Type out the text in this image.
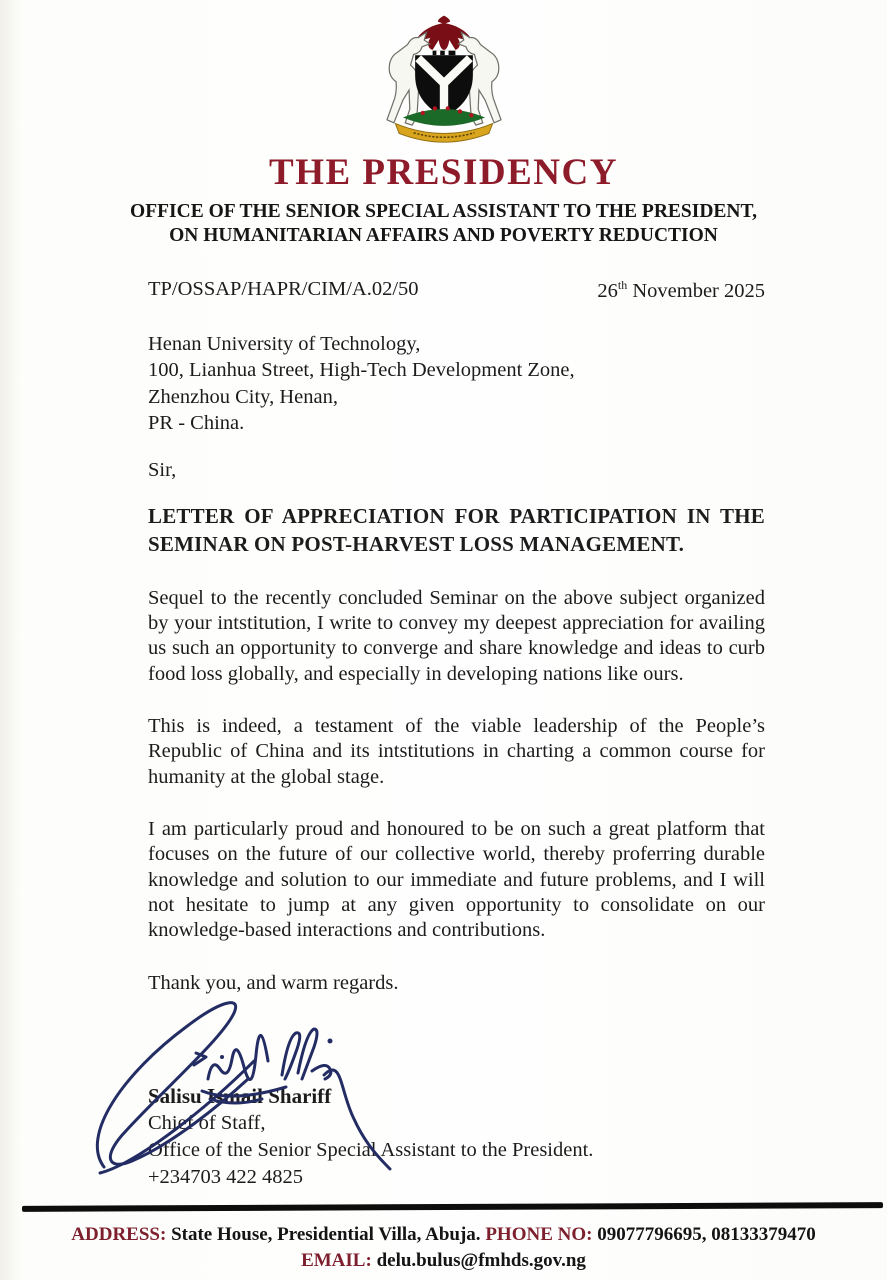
THE PRESIDENCY
OFFICE OF THE SENIOR SPECIAL ASSISTANT TO THE PRESIDENT,
ON HUMANITARIAN AFFAIRS AND POVERTY REDUCTION
TP/OSSAP/HAPR/CIM/A.02/50	26th November 2025
Henan University of Technology,
100, Lianhua Street, High-Tech Development Zone,
Zhenzhou City, Henan,
PR - China.
Sir,
LETTER OF APPRECIATION FOR PARTICIPATION IN THE SEMINAR ON POST-HARVEST LOSS MANAGEMENT.

Sequel to the recently concluded Seminar on the above subject organized by your intstitution, I write to convey my deepest appreciation for availing us such an opportunity to converge and share knowledge and ideas to curb food loss globally, and especially in developing nations like ours.

This is indeed, a testament of the viable leadership of the People’s Republic of China and its intstitutions in charting a common course for humanity at the global stage.

I am particularly proud and honoured to be on such a great platform that focuses on the future of our collective world, thereby proferring durable knowledge and solution to our immediate and future problems, and I will not hesitate to jump at any given opportunity to consolidate on our knowledge-based interactions and contributions.

Thank you, and warm regards.
Salisu Ismail Shariff
Chief of Staff,
Office of the Senior Special Assistant to the President.
+234703 422 4825
ADDRESS: State House, Presidential Villa, Abuja. PHONE NO: 09077796695, 08133379470
EMAIL: delu.bulus@fmhds.gov.ng
